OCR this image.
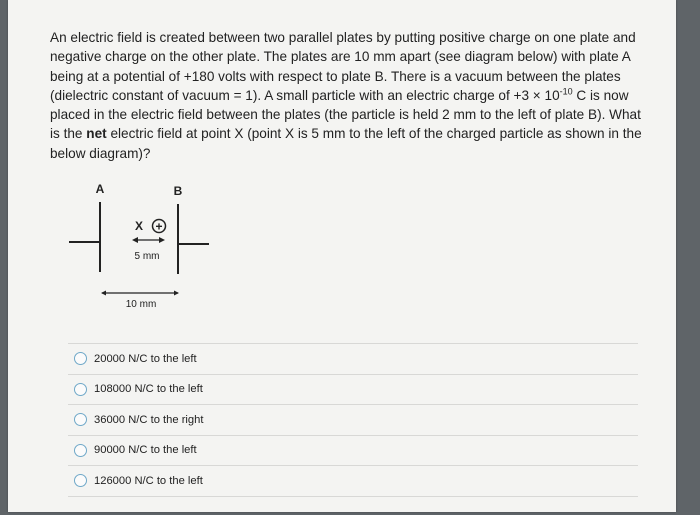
An electric field is created between two parallel plates by putting positive charge on one plate and negative charge on the other plate. The plates are 10 mm apart (see diagram below) with plate A being at a potential of +180 volts with respect to plate B. There is a vacuum between the plates (dielectric constant of vacuum = 1). A small particle with an electric charge of $+3 \times 10^{-10}$ C is now placed in the electric field between the plates (the particle is held 2 mm to the left of plate B). What is the net electric field at point X (point X is 5 mm to the left of the charged particle as shown in the below diagram)?
A	B
X +
5 mm
10 mm
20000 N/C to the left
108000 N/C to the left
36000 N/C to the right
90000 N/C to the left
126000 N/C to the left
